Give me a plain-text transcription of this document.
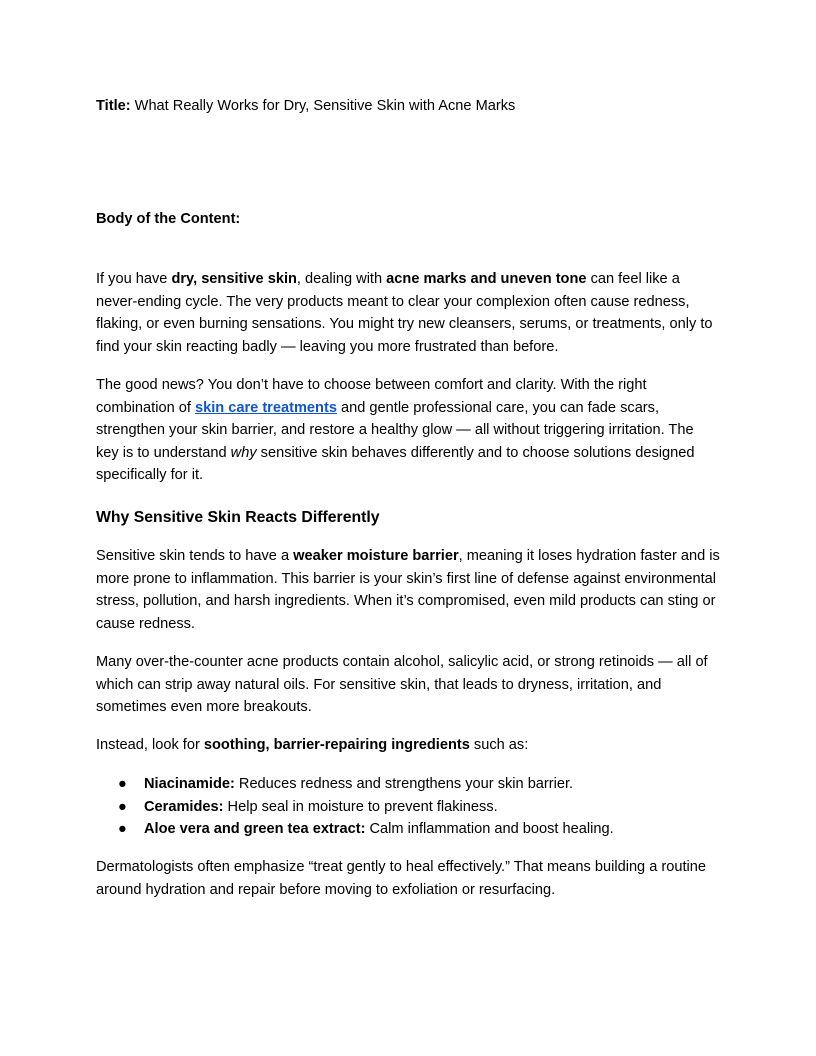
Title: What Really Works for Dry, Sensitive Skin with Acne Marks

Body of the Content:

If you have dry, sensitive skin, dealing with acne marks and uneven tone can feel like a never-ending cycle. The very products meant to clear your complexion often cause redness, flaking, or even burning sensations. You might try new cleansers, serums, or treatments, only to find your skin reacting badly — leaving you more frustrated than before.

The good news? You don’t have to choose between comfort and clarity. With the right combination of skin care treatments and gentle professional care, you can fade scars, strengthen your skin barrier, and restore a healthy glow — all without triggering irritation. The key is to understand why sensitive skin behaves differently and to choose solutions designed specifically for it.

Why Sensitive Skin Reacts Differently

Sensitive skin tends to have a weaker moisture barrier, meaning it loses hydration faster and is more prone to inflammation. This barrier is your skin’s first line of defense against environmental stress, pollution, and harsh ingredients. When it’s compromised, even mild products can sting or cause redness.

Many over-the-counter acne products contain alcohol, salicylic acid, or strong retinoids — all of which can strip away natural oils. For sensitive skin, that leads to dryness, irritation, and sometimes even more breakouts.

Instead, look for soothing, barrier-repairing ingredients such as:

● Niacinamide: Reduces redness and strengthens your skin barrier.
● Ceramides: Help seal in moisture to prevent flakiness.
● Aloe vera and green tea extract: Calm inflammation and boost healing.

Dermatologists often emphasize “treat gently to heal effectively.” That means building a routine around hydration and repair before moving to exfoliation or resurfacing.
